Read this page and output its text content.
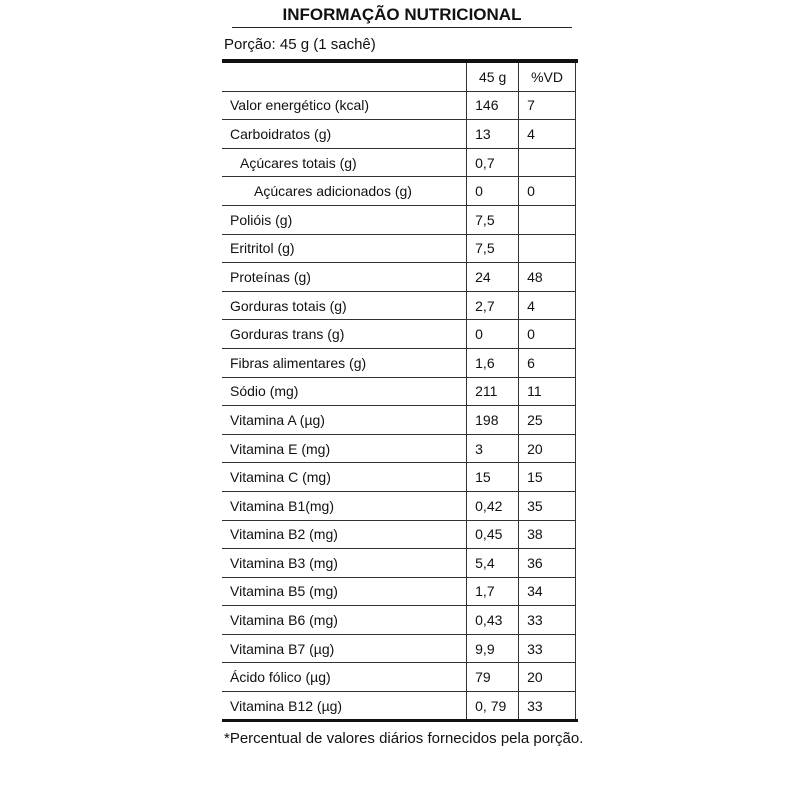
INFORMAÇÃO NUTRICIONAL
Porção: 45 g (1 sachê)
	45 g	%VD
Valor energético (kcal)	146	7
Carboidratos (g)	13	4
Açúcares totais (g)	0,7	
Açúcares adicionados (g)	0	0
Polióis (g)	7,5	
Eritritol (g)	7,5	
Proteínas (g)	24	48
Gorduras totais (g)	2,7	4
Gorduras trans (g)	0	0
Fibras alimentares (g)	1,6	6
Sódio (mg)	211	11
Vitamina A (µg)	198	25
Vitamina E (mg)	3	20
Vitamina C (mg)	15	15
Vitamina B1(mg)	0,42	35
Vitamina B2 (mg)	0,45	38
Vitamina B3 (mg)	5,4	36
Vitamina B5 (mg)	1,7	34
Vitamina B6 (mg)	0,43	33
Vitamina B7 (µg)	9,9	33
Ácido fólico (µg)	79	20
Vitamina B12 (µg)	0, 79	33
*Percentual de valores diários fornecidos pela porção.
